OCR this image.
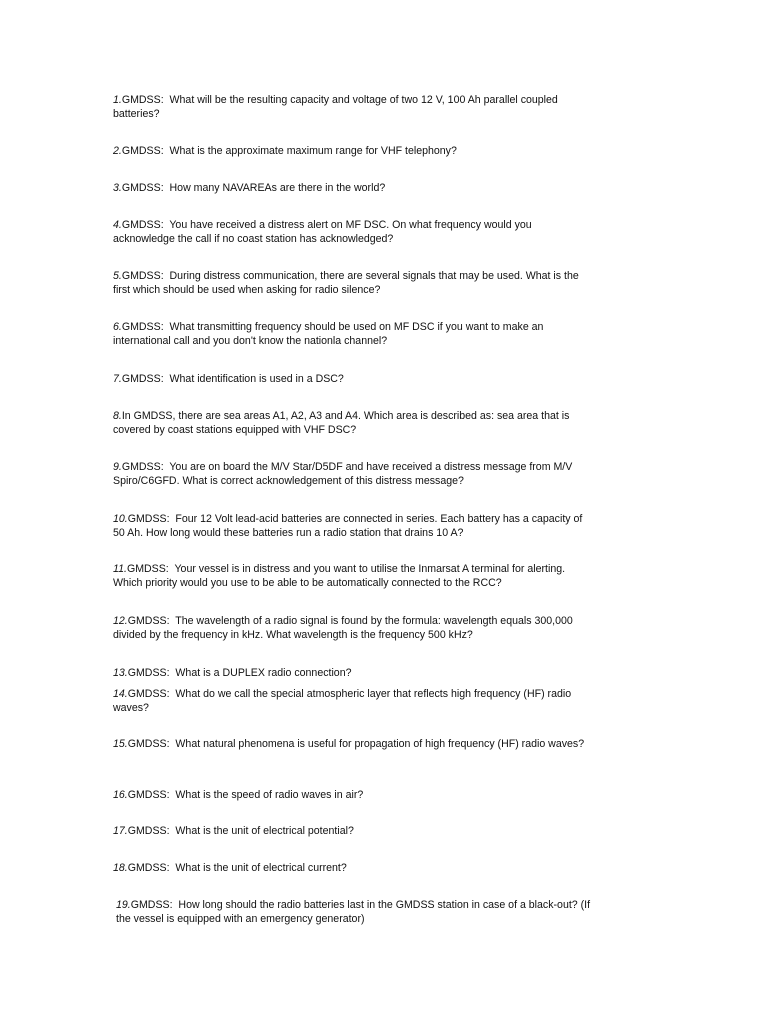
1.GMDSS: What will be the resulting capacity and voltage of two 12 V, 100 Ah parallel coupled
batteries?

2.GMDSS: What is the approximate maximum range for VHF telephony?

3.GMDSS: How many NAVAREAs are there in the world?

4.GMDSS: You have received a distress alert on MF DSC. On what frequency would you
acknowledge the call if no coast station has acknowledged?

5.GMDSS: During distress communication, there are several signals that may be used. What is the
first which should be used when asking for radio silence?

6.GMDSS: What transmitting frequency should be used on MF DSC if you want to make an
international call and you don't know the nationla channel?

7.GMDSS: What identification is used in a DSC?

8.In GMDSS, there are sea areas A1, A2, A3 and A4. Which area is described as: sea area that is
covered by coast stations equipped with VHF DSC?

9.GMDSS: You are on board the M/V Star/D5DF and have received a distress message from M/V
Spiro/C6GFD. What is correct acknowledgement of this distress message?

10.GMDSS: Four 12 Volt lead-acid batteries are connected in series. Each battery has a capacity of
50 Ah. How long would these batteries run a radio station that drains 10 A?

11.GMDSS: Your vessel is in distress and you want to utilise the Inmarsat A terminal for alerting.
Which priority would you use to be able to be automatically connected to the RCC?

12.GMDSS: The wavelength of a radio signal is found by the formula: wavelength equals 300,000
divided by the frequency in kHz. What wavelength is the frequency 500 kHz?

13.GMDSS: What is a DUPLEX radio connection?

14.GMDSS: What do we call the special atmospheric layer that reflects high frequency (HF) radio
waves?

15.GMDSS: What natural phenomena is useful for propagation of high frequency (HF) radio waves?

16.GMDSS: What is the speed of radio waves in air?

17.GMDSS: What is the unit of electrical potential?

18.GMDSS: What is the unit of electrical current?

19.GMDSS: How long should the radio batteries last in the GMDSS station in case of a black-out? (If
the vessel is equipped with an emergency generator)
